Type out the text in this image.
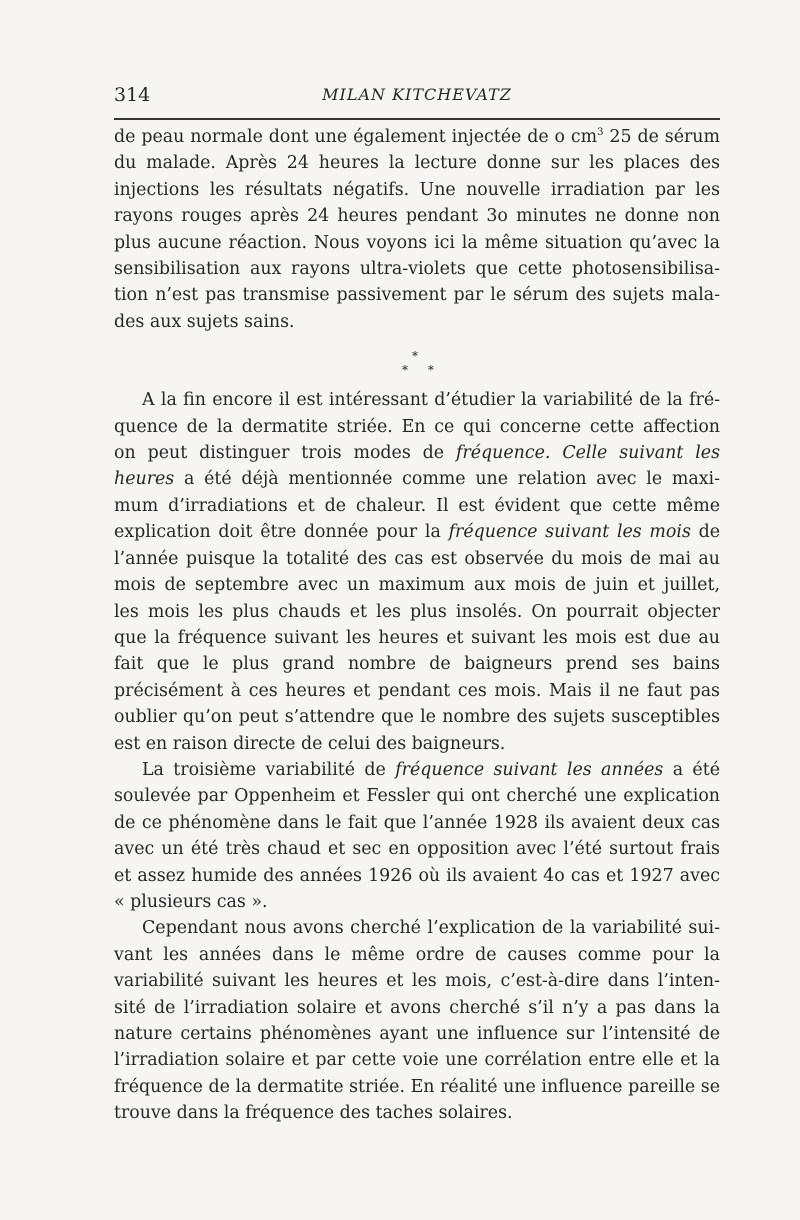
314	MILAN KITCHEVATZ
de peau normale dont une également injectée de o $cm^3$ 25 de sérum
du malade. Après 24 heures la lecture donne sur les places des
injections les résultats négatifs. Une nouvelle irradiation par les
rayons rouges après 24 heures pendant 3o minutes ne donne non
plus aucune réaction. Nous voyons ici la même situation qu’avec la
sensibilisation aux rayons ultra-violets que cette photosensibilisa-
tion n’est pas transmise passivement par le sérum des sujets mala-
des aux sujets sains.
*
* *
A la fin encore il est intéressant d’étudier la variabilité de la fré-
quence de la dermatite striée. En ce qui concerne cette affection
on peut distinguer trois modes de fréquence. Celle suivant les
heures a été déjà mentionnée comme une relation avec le maxi-
mum d’irradiations et de chaleur. Il est évident que cette même
explication doit être donnée pour la fréquence suivant les mois de
l’année puisque la totalité des cas est observée du mois de mai au
mois de septembre avec un maximum aux mois de juin et juillet,
les mois les plus chauds et les plus insolés. On pourrait objecter
que la fréquence suivant les heures et suivant les mois est due au
fait que le plus grand nombre de baigneurs prend ses bains
précisément à ces heures et pendant ces mois. Mais il ne faut pas
oublier qu’on peut s’attendre que le nombre des sujets susceptibles
est en raison directe de celui des baigneurs.
La troisième variabilité de fréquence suivant les années a été
soulevée par Oppenheim et Fessler qui ont cherché une explication
de ce phénomène dans le fait que l’année 1928 ils avaient deux cas
avec un été très chaud et sec en opposition avec l’été surtout frais
et assez humide des années 1926 où ils avaient 4o cas et 1927 avec
« plusieurs cas ».
Cependant nous avons cherché l’explication de la variabilité sui-
vant les années dans le même ordre de causes comme pour la
variabilité suivant les heures et les mois, c’est-à-dire dans l’inten-
sité de l’irradiation solaire et avons cherché s’il n’y a pas dans la
nature certains phénomènes ayant une influence sur l’intensité de
l’irradiation solaire et par cette voie une corrélation entre elle et la
fréquence de la dermatite striée. En réalité une influence pareille se
trouve dans la fréquence des taches solaires.
